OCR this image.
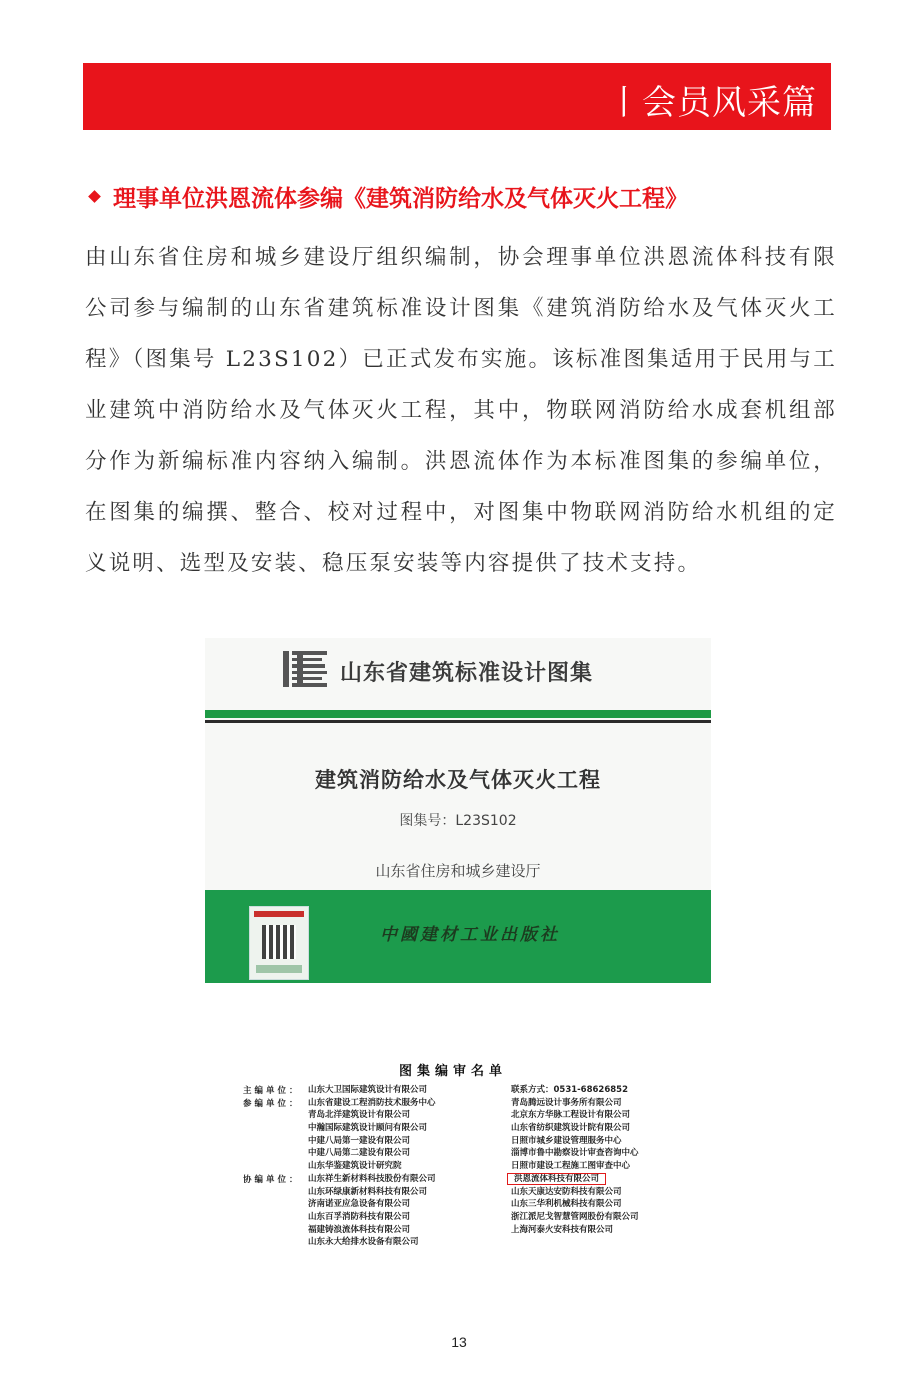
丨会员风采篇
理事单位洪恩流体参编《建筑消防给水及气体灭火工程》
由山东省住房和城乡建设厅组织编制，协会理事单位洪恩流体科技有限公司参与编制的山东省建筑标准设计图集《建筑消防给水及气体灭火工程》（图集号 L23S102）已正式发布实施。该标准图集适用于民用与工业建筑中消防给水及气体灭火工程，其中，物联网消防给水成套机组部分作为新编标准内容纳入编制。洪恩流体作为本标准图集的参编单位，在图集的编撰、整合、校对过程中，对图集中物联网消防给水机组的定义说明、选型及安装、稳压泵安装等内容提供了技术支持。
山东省建筑标准设计图集
建筑消防给水及气体灭火工程
图集号：L23S102
山东省住房和城乡建设厅
中國建材工业出版社
图集编审名单
主编单位：
参编单位：
协编单位：
山东大卫国际建筑设计有限公司
山东省建设工程消防技术服务中心
青岛北洋建筑设计有限公司
中瀚国际建筑设计顾问有限公司
中建八局第一建设有限公司
中建八局第二建设有限公司
山东华鉴建筑设计研究院
山东祥生新材料科技股份有限公司
山东环绿康新材料科技有限公司
济南诺亚应急设备有限公司
山东百孚消防科技有限公司
福建铸浪流体科技有限公司
山东永大给排水设备有限公司
联系方式：0531-68626852
青岛腾远设计事务所有限公司
北京东方华脉工程设计有限公司
山东省纺织建筑设计院有限公司
日照市城乡建设管理服务中心
淄博市鲁中勘察设计审查咨询中心
日照市建设工程施工图审查中心
洪恩流体科技有限公司
山东天康达安防科技有限公司
山东三华利机械科技有限公司
浙江派尼戈智慧管网股份有限公司
上海河泰火安科技有限公司
13
